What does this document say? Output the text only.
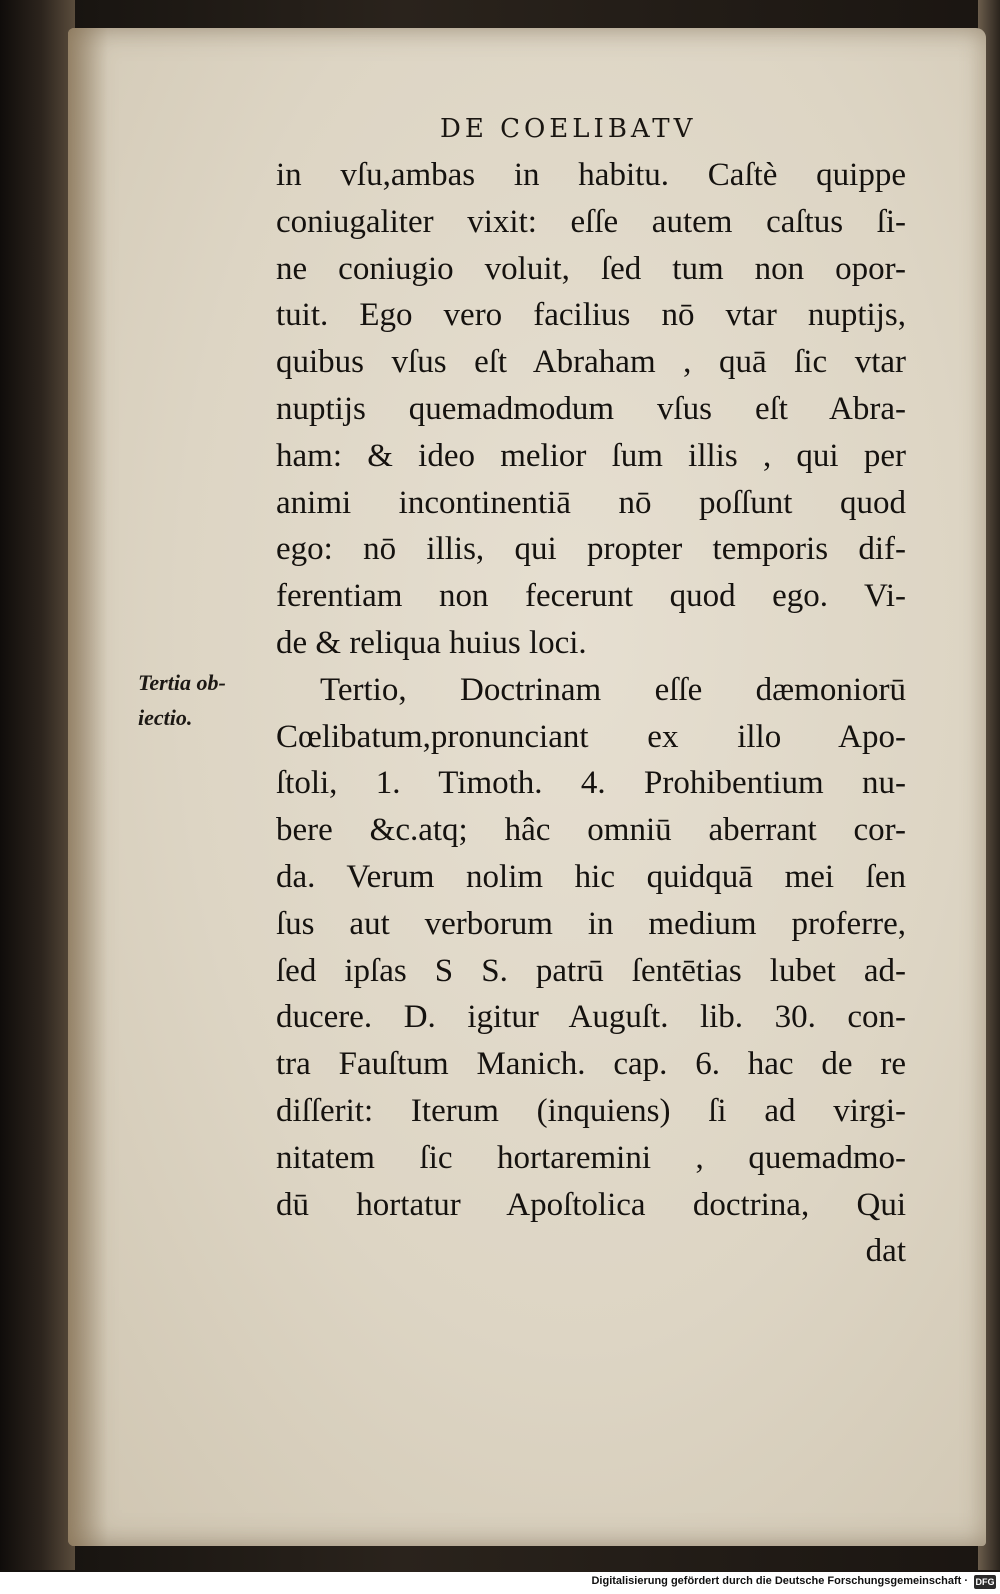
DE COELIBATV
Tertia ob-
iectio.
in vſu,ambas in habitu. Caſtè quippe
coniugaliter vixit: eſſe autem caſtus ſi-
ne coniugio voluit, ſed tum non opor-
tuit. Ego vero facilius nō vtar nuptijs,
quibus vſus eſt Abraham , quā ſic vtar
nuptijs quemadmodum vſus eſt Abra-
ham: & ideo melior ſum illis , qui per
animi incontinentiā nō poſſunt quod
ego: nō illis, qui propter temporis dif-
ferentiam non fecerunt quod ego. Vi-
de & reliqua huius loci.
Tertio, Doctrinam eſſe dæmoniorū
Cœlibatum,pronunciant ex illo Apo-
ſtoli, 1. Timoth. 4. Prohibentium nu-
bere &c.atq; hâc omniū aberrant cor-
da. Verum nolim hic quidquā mei ſen
ſus aut verborum in medium proferre,
ſed ipſas S S. patrū ſentētias lubet ad-
ducere. D. igitur Auguſt. lib. 30. con-
tra Fauſtum Manich. cap. 6. hac de re
diſſerit: Iterum (inquiens) ſi ad virgi-
nitatem ſic hortaremini , quemadmo-
dū hortatur Apoſtolica doctrina, Qui
dat
Digitalisierung gefördert durch die Deutsche Forschungsgemeinschaft · DFG
